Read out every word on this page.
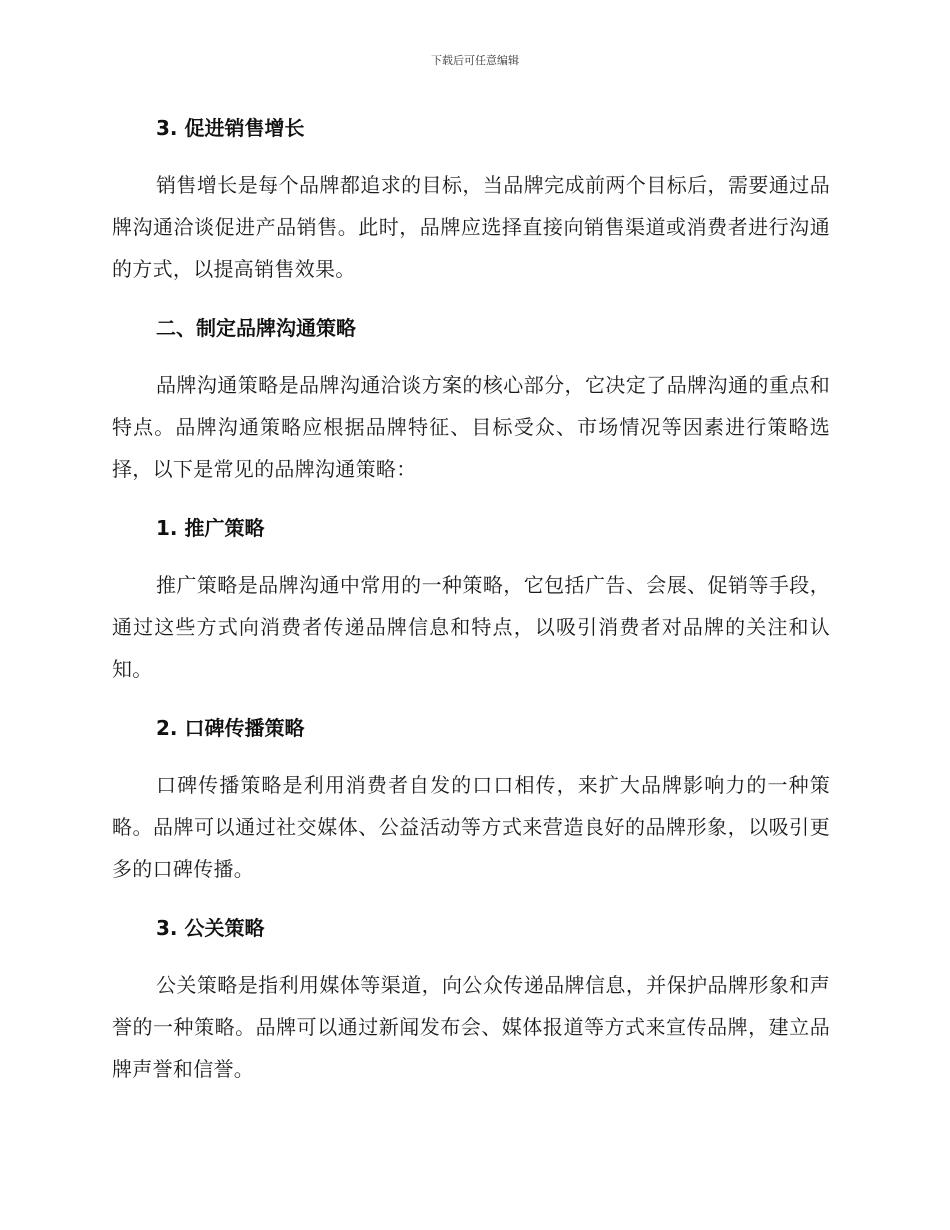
下载后可任意编辑
3. 促进销售增长

销售增长是每个品牌都追求的目标，当品牌完成前两个目标后，需要通过品牌沟通洽谈促进产品销售。此时，品牌应选择直接向销售渠道或消费者进行沟通的方式，以提高销售效果。

二、制定品牌沟通策略

品牌沟通策略是品牌沟通洽谈方案的核心部分，它决定了品牌沟通的重点和特点。品牌沟通策略应根据品牌特征、目标受众、市场情况等因素进行策略选择，以下是常见的品牌沟通策略：

1. 推广策略

推广策略是品牌沟通中常用的一种策略，它包括广告、会展、促销等手段，通过这些方式向消费者传递品牌信息和特点，以吸引消费者对品牌的关注和认知。

2. 口碑传播策略

口碑传播策略是利用消费者自发的口口相传，来扩大品牌影响力的一种策略。品牌可以通过社交媒体、公益活动等方式来营造良好的品牌形象，以吸引更多的口碑传播。

3. 公关策略

公关策略是指利用媒体等渠道，向公众传递品牌信息，并保护品牌形象和声誉的一种策略。品牌可以通过新闻发布会、媒体报道等方式来宣传品牌，建立品牌声誉和信誉。
